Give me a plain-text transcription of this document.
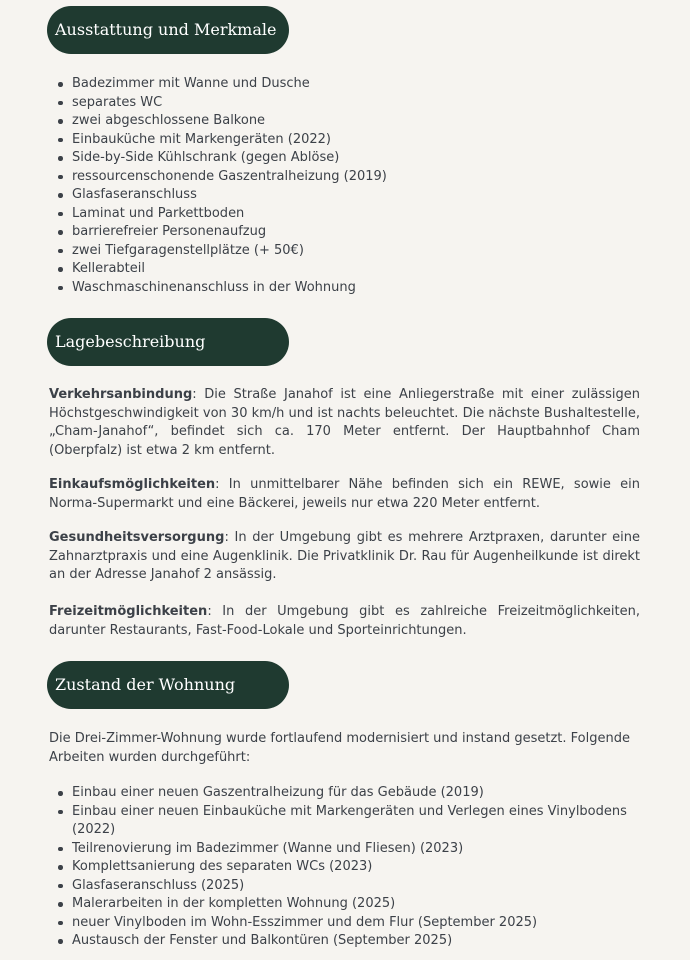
Ausstattung und Merkmale
Badezimmer mit Wanne und Dusche
separates WC
zwei abgeschlossene Balkone
Einbauküche mit Markengeräten (2022)
Side-by-Side Kühlschrank (gegen Ablöse)
ressourcenschonende Gaszentralheizung (2019)
Glasfaseranschluss
Laminat und Parkettboden
barrierefreier Personenaufzug
zwei Tiefgaragenstellplätze (+ 50€)
Kellerabteil
Waschmaschinenanschluss in der Wohnung
Lagebeschreibung

Verkehrsanbindung: Die Straße Janahof ist eine Anliegerstraße mit einer zulässigen Höchstgeschwindigkeit von 30 km/h und ist nachts beleuchtet. Die nächste Bushaltestelle, „Cham-Janahof“, befindet sich ca. 170 Meter entfernt. Der Hauptbahnhof Cham (Oberpfalz) ist etwa 2 km entfernt.

Einkaufsmöglichkeiten: In unmittelbarer Nähe befinden sich ein REWE, sowie ein Norma-Supermarkt und eine Bäckerei, jeweils nur etwa 220 Meter entfernt.

Gesundheitsversorgung: In der Umgebung gibt es mehrere Arztpraxen, darunter eine Zahnarztpraxis und eine Augenklinik. Die Privatklinik Dr. Rau für Augenheilkunde ist direkt an der Adresse Janahof 2 ansässig.

Freizeitmöglichkeiten: In der Umgebung gibt es zahlreiche Freizeitmöglichkeiten, darunter Restaurants, Fast-Food-Lokale und Sporteinrichtungen.

Zustand der Wohnung

Die Drei-Zimmer-Wohnung wurde fortlaufend modernisiert und instand gesetzt. Folgende Arbeiten wurden durchgeführt:

Einbau einer neuen Gaszentralheizung für das Gebäude (2019)
Einbau einer neuen Einbauküche mit Markengeräten und Verlegen eines Vinylbodens (2022)
Teilrenovierung im Badezimmer (Wanne und Fliesen) (2023)
Komplettsanierung des separaten WCs (2023)
Glasfaseranschluss (2025)
Malerarbeiten in der kompletten Wohnung (2025)
neuer Vinylboden im Wohn-Esszimmer und dem Flur (September 2025)
Austausch der Fenster und Balkontüren (September 2025)
